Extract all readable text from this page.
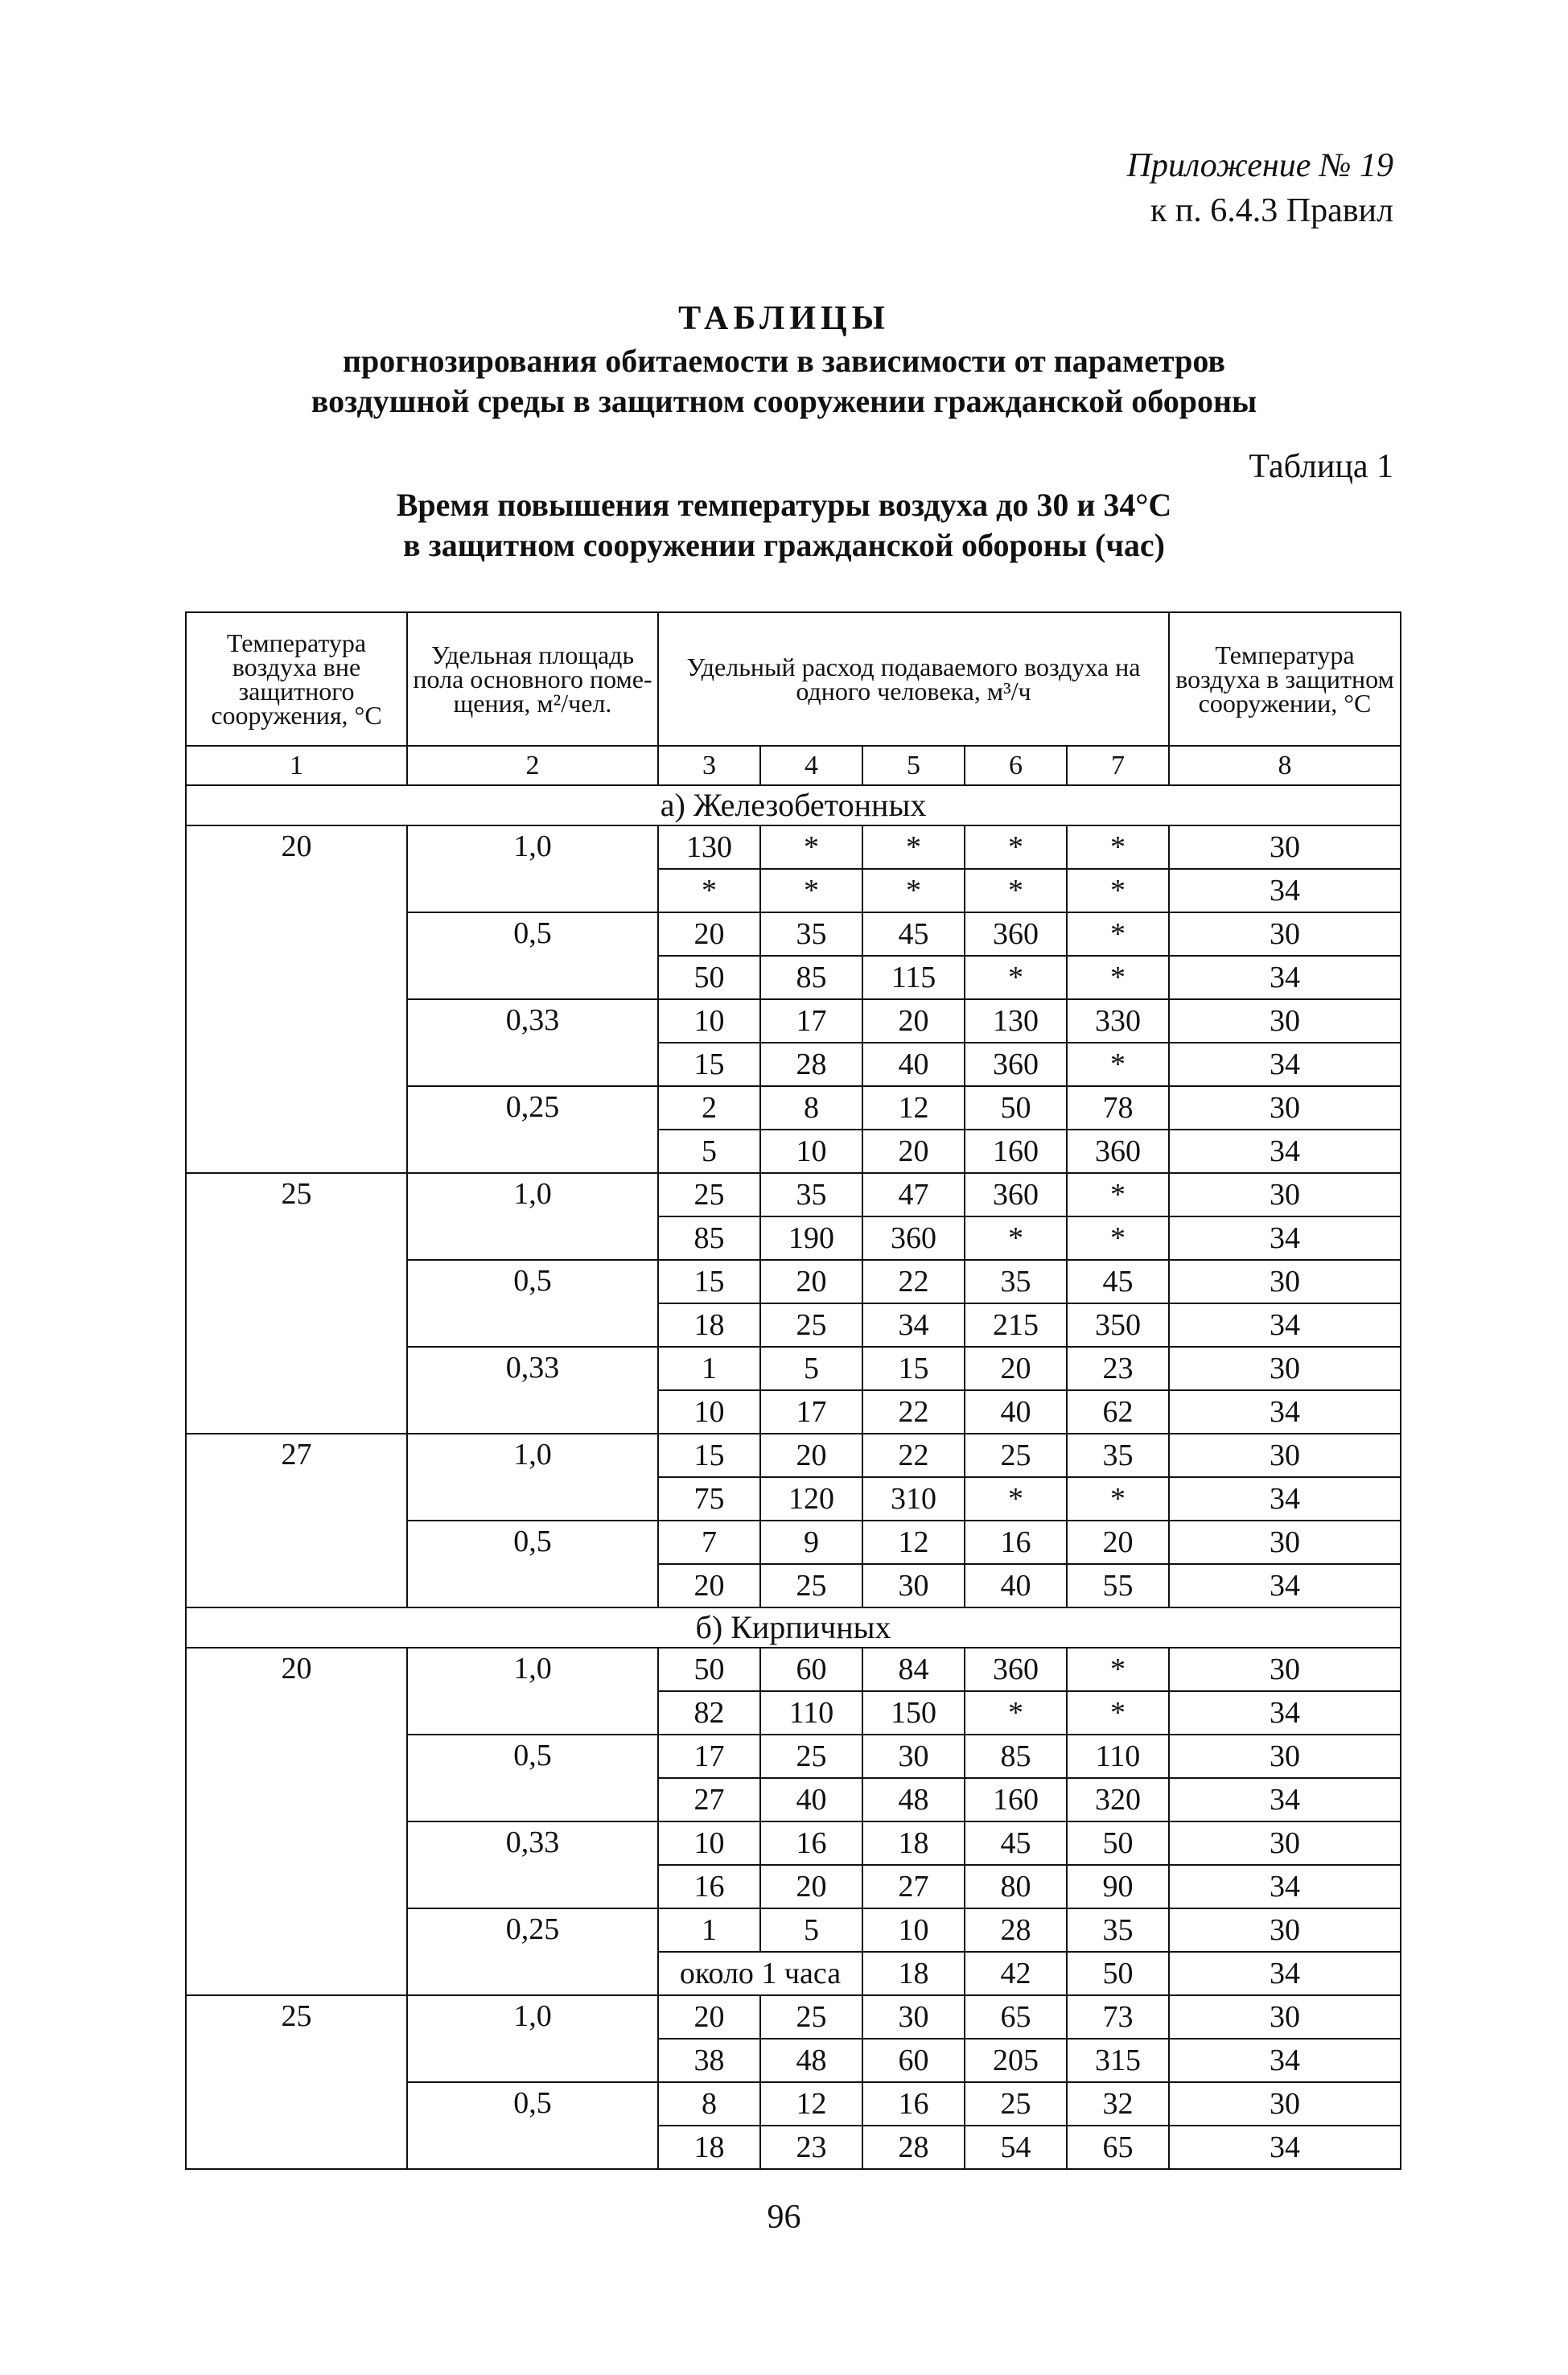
Приложение № 19
к п. 6.4.3 Правил
ТАБЛИЦЫ
прогнозирования обитаемости в зависимости от параметров
воздушной среды в защитном сооружении гражданской обороны
Таблица 1
Время повышения температуры воздуха до 30 и 34°С
в защитном сооружении гражданской обороны (час)
Температура воздуха вне защитного сооружения, °С	Удельная площадь пола основного поме-щения, м²/чел.	Удельный расход подаваемого воздуха на одного человека, м³/ч					Температура воздуха в защитном сооружении, °С
1	2	3	4	5	6	7	8
а) Железобетонных							
20	1,0	130	*	*	*	*	30
		*	*	*	*	*	34
	0,5	20	35	45	360	*	30
		50	85	115	*	*	34
	0,33	10	17	20	130	330	30
		15	28	40	360	*	34
	0,25	2	8	12	50	78	30
		5	10	20	160	360	34
25	1,0	25	35	47	360	*	30
		85	190	360	*	*	34
	0,5	15	20	22	35	45	30
		18	25	34	215	350	34
	0,33	1	5	15	20	23	30
		10	17	22	40	62	34
27	1,0	15	20	22	25	35	30
		75	120	310	*	*	34
	0,5	7	9	12	16	20	30
		20	25	30	40	55	34
б) Кирпичных							
20	1,0	50	60	84	360	*	30
		82	110	150	*	*	34
	0,5	17	25	30	85	110	30
		27	40	48	160	320	34
	0,33	10	16	18	45	50	30
		16	20	27	80	90	34
	0,25	1	5	10	28	35	30
		около 1 часа		18	42	50	34
25	1,0	20	25	30	65	73	30
		38	48	60	205	315	34
	0,5	8	12	16	25	32	30
		18	23	28	54	65	34
96
